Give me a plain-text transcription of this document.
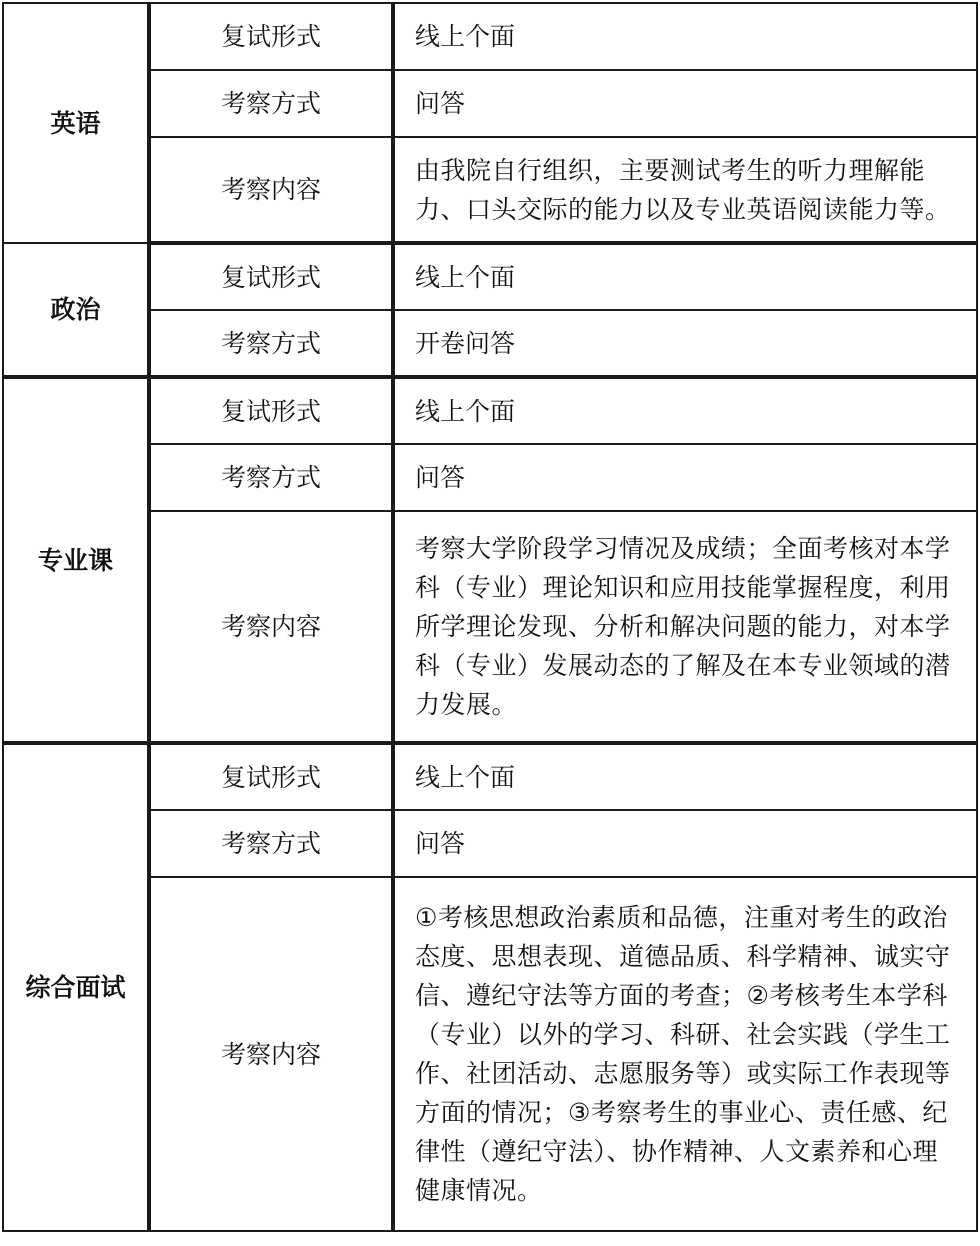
英语	复试形式	线上个面
	考察方式	问答
	考察内容	由我院自行组织，主要测试考生的听力理解能力、口头交际的能力以及专业英语阅读能力等。
政治	复试形式	线上个面
	考察方式	开卷问答
专业课	复试形式	线上个面
	考察方式	问答
	考察内容	考察大学阶段学习情况及成绩；全面考核对本学科（专业）理论知识和应用技能掌握程度，利用所学理论发现、分析和解决问题的能力，对本学科（专业）发展动态的了解及在本专业领域的潜力发展。
综合面试	复试形式	线上个面
	考察方式	问答
	考察内容	①考核思想政治素质和品德，注重对考生的政治态度、思想表现、道德品质、科学精神、诚实守信、遵纪守法等方面的考查；②考核考生本学科（专业）以外的学习、科研、社会实践（学生工作、社团活动、志愿服务等）或实际工作表现等方面的情况；③考察考生的事业心、责任感、纪律性（遵纪守法）、协作精神、人文素养和心理健康情况。
